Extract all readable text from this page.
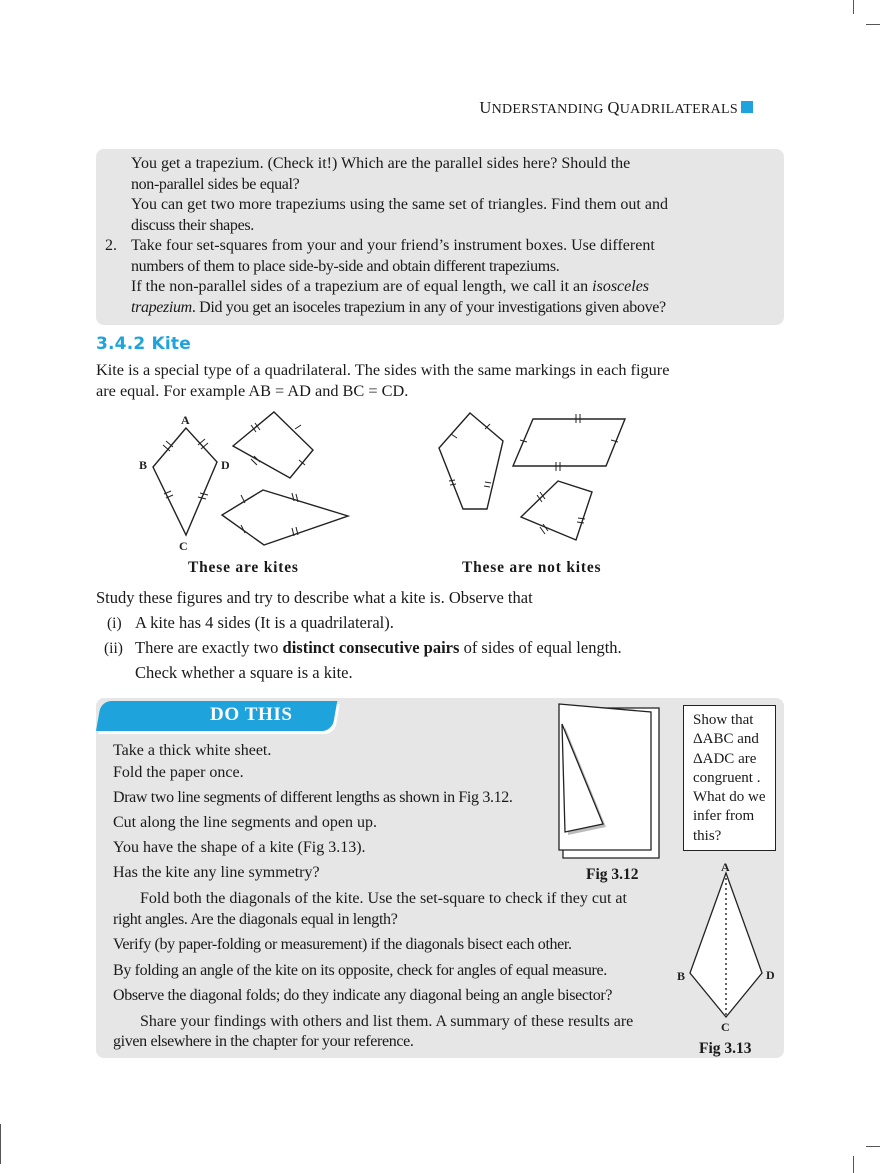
UNDERSTANDING QUADRILATERALS
You get a trapezium. (Check it!) Which are the parallel sides here? Should the
non-parallel sides be equal?
You can get two more trapeziums using the same set of triangles. Find them out and
discuss their shapes.
2. Take four set-squares from your and your friend’s instrument boxes. Use different
numbers of them to place side-by-side and obtain different trapeziums.
If the non-parallel sides of a trapezium are of equal length, we call it an isosceles
trapezium. Did you get an isoceles trapezium in any of your investigations given above?
3.4.2 Kite
Kite is a special type of a quadrilateral. The sides with the same markings in each figure
are equal. For example AB = AD and BC = CD.
A
B	D
C
These are kites	These are not kites
Study these figures and try to describe what a kite is. Observe that
(i) A kite has 4 sides (It is a quadrilateral).
(ii) There are exactly two distinct consecutive pairs of sides of equal length.
Check whether a square is a kite.
DO THIS
Take a thick white sheet.
Fold the paper once.
Draw two line segments of different lengths as shown in Fig 3.12.
Cut along the line segments and open up.
You have the shape of a kite (Fig 3.13).
Has the kite any line symmetry?
Fold both the diagonals of the kite. Use the set-square to check if they cut at
right angles. Are the diagonals equal in length?
Verify (by paper-folding or measurement) if the diagonals bisect each other.
By folding an angle of the kite on its opposite, check for angles of equal measure.
Observe the diagonal folds; do they indicate any diagonal being an angle bisector?
Share your findings with others and list them. A summary of these results are
given elsewhere in the chapter for your reference.
Fig 3.12
Show that
ΔABC and
ΔADC are
congruent .
What do we
infer from
this?
A
B	D
C
Fig 3.13
